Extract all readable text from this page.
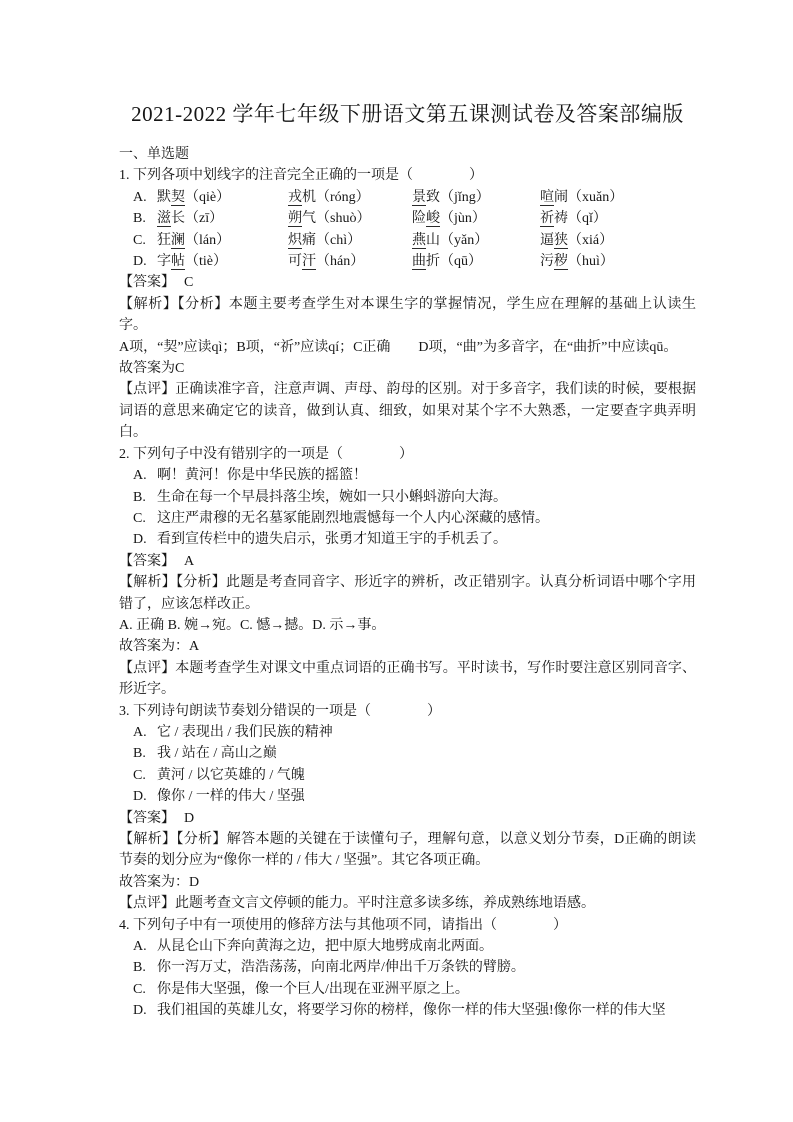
2021-2022 学年七年级下册语文第五课测试卷及答案部编版

一、单选题

1. 下列各项中划线字的注音完全正确的一项是（　　　　）

A. 默契（qiè）	戎机（róng）	景致（jǐng）	喧闹（xuǎn）
B. 滋长（zī）	朔气（shuò）	险峻（jùn）	祈祷（qǐ）
C. 狂澜（lán）	炽痛（chì）	燕山（yǎn）	逼狭（xiá）
D. 字帖（tiè）	可汗（hán）	曲折（qū）	污秽（huì）

【答案】 C

【解析】【分析】本题主要考查学生对本课生字的掌握情况，学生应在理解的基础上认读生字。

A项，“契”应读qì；B项，“祈”应读qí；C正确　　D项，“曲”为多音字，在“曲折”中应读qū。

故答案为C

【点评】正确读准字音，注意声调、声母、韵母的区别。对于多音字，我们读的时候，要根据词语的意思来确定它的读音，做到认真、细致，如果对某个字不大熟悉，一定要查字典弄明白。

2. 下列句子中没有错别字的一项是（　　　　）

A. 啊！黄河！你是中华民族的摇篮！
B. 生命在每一个早晨抖落尘埃，婉如一只小蝌蚪游向大海。
C. 这庄严肃穆的无名墓冢能剧烈地震憾每一个人内心深藏的感情。
D. 看到宣传栏中的遗失启示，张勇才知道王宇的手机丢了。

【答案】 A

【解析】【分析】此题是考查同音字、形近字的辨析，改正错别字。认真分析词语中哪个字用错了，应该怎样改正。

A. 正确 B. 婉→宛。C. 憾→撼。D. 示→事。

故答案为：A

【点评】本题考查学生对课文中重点词语的正确书写。平时读书，写作时要注意区别同音字、形近字。

3. 下列诗句朗读节奏划分错误的一项是（　　　　）

A. 它 / 表现出 / 我们民族的精神
B. 我 / 站在 / 高山之巅
C. 黄河 / 以它英雄的 / 气魄
D. 像你 / 一样的伟大 / 坚强

【答案】 D

【解析】【分析】解答本题的关键在于读懂句子，理解句意，以意义划分节奏，D正确的朗读节奏的划分应为“像你一样的 / 伟大 / 坚强”。其它各项正确。

故答案为：D

【点评】此题考查文言文停顿的能力。平时注意多读多练，养成熟练地语感。

4. 下列句子中有一项使用的修辞方法与其他项不同，请指出（　　　　）

A. 从昆仑山下奔向黄海之边，把中原大地劈成南北两面。
B. 你一泻万丈，浩浩荡荡，向南北两岸/伸出千万条铁的臂膀。
C. 你是伟大坚强，像一个巨人/出现在亚洲平原之上。
D. 我们祖国的英雄儿女，将要学习你的榜样，像你一样的伟大坚强!像你一样的伟大坚
